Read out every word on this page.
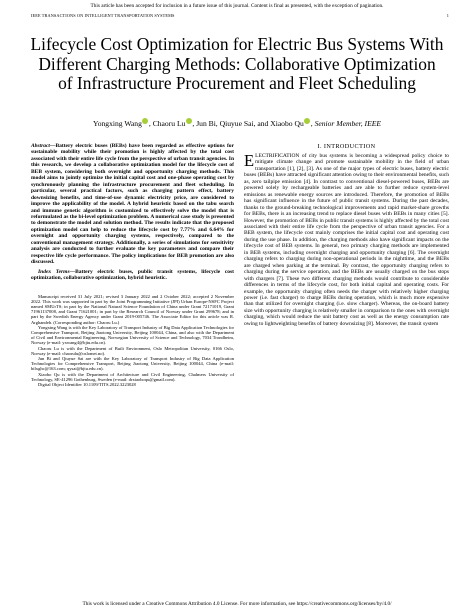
This article has been accepted for inclusion in a future issue of this journal. Content is final as presented, with the exception of pagination.
IEEE TRANSACTIONS ON INTELLIGENT TRANSPORTATION SYSTEMS	1
Lifecycle Cost Optimization for Electric Bus Systems With Different Charging Methods: Collaborative Optimization of Infrastructure Procurement and Fleet Scheduling
Yongxing Wang , Chaoru Lu , Jun Bi, Qiuyue Sai, and Xiaobo Qu , Senior Member, IEEE

Abstract—Battery electric buses (BEBs) have been regarded as effective options for sustainable mobility while their promotion is highly affected by the total cost associated with their entire life cycle from the perspective of urban transit agencies. In this research, we develop a collaborative optimization model for the lifecycle cost of BEB system, considering both overnight and opportunity charging methods. This model aims to jointly optimize the initial capital cost and one-phase operating cost by synchronously planning the infrastructure procurement and fleet scheduling. In particular, several practical factors, such as charging pattern effect, battery downsizing benefits, and time-of-use dynamic electricity price, are considered to improve the applicability of the model. A hybrid heuristic based on the tabu search and immune genetic algorithm is customized to effectively solve the model that is reformulated as the bi-level optimization problem. A numerical case study is presented to demonstrate the model and solution method. The results indicate that the proposed optimization model can help to reduce the lifecycle cost by 7.77% and 6.64% for overnight and opportunity charging systems, respectively, compared to the conventional management strategy. Additionally, a series of simulations for sensitivity analysis are conducted to further evaluate the key parameters and compare their respective life cycle performance. The policy implications for BEB promotion are also discussed.

Index Terms—Battery electric buses, public transit systems, lifecycle cost optimization, collaborative optimization, hybrid heuristic.

Manuscript received 31 July 2021; revised 3 January 2022 and 2 October 2022; accepted 2 November 2022. This work was supported in part by the Joint Programming Initiative (JPI) Urban Europe-NSFC Project named SMUrTS; in part by the National Natural Science Foundation of China under Grant 72171019, Grant 71961137008, and Grant 71621001; in part by the Research Council of Norway under Grant 299678; and in part by the Swedish Energy Agency under Grant 2019-005746. The Associate Editor for this article was R. Arghandeh. (Corresponding author: Chaoru Lu.)

Yongxing Wang is with the Key Laboratory of Transport Industry of Big Data Application Technologies for Comprehensive Transport, Beijing Jiaotong University, Beijing 100044, China, and also with the Department of Civil and Environmental Engineering, Norwegian University of Science and Technology, 7034 Trondheim, Norway (e-mail: yxwang4@bjtu.edu.cn).

Chaoru Lu is with the Department of Built Environment, Oslo Metropolitan University, 0166 Oslo, Norway (e-mail: chaorulu@oslomet.no).

Jun Bi and Qiuyue Sai are with the Key Laboratory of Transport Industry of Big Data Application Technologies for Comprehensive Transport, Beijing Jiaotong University, Beijing 100044, China (e-mail: bilxghc@163.com; qysai@bjtu.edu.cn).

Xiaobo Qu is with the Department of Architecture and Civil Engineering, Chalmers University of Technology, SE-41296 Gothenburg, Sweden (e-mail: drxiaoboqu@gmail.com).

Digital Object Identifier 10.1109/TITS.2022.3223028

I. INTRODUCTION

ELECTRIFICATION of city bus systems is becoming a widespread policy choice to mitigate climate change and promote sustainable mobility in the field of urban transportation [1], [2], [3]. As one of the major types of electric buses, battery electric buses (BEBs) have attracted significant attention owing to their environmental benefits, such as, zero tailpipe emission [4]. In contrast to conventional diesel-powered buses, BEBs are powered solely by rechargeable batteries and are able to further reduce system-level emissions as renewable energy sources are introduced. Therefore, the promotion of BEBs has significant influence in the future of public transit systems. During the past decades, thanks to the ground-breaking technological improvements and rapid market-share growths for BEBs, there is an increasing trend to replace diesel buses with BEBs in many cities [5]. However, the promotion of BEBs in public transit systems is highly affected by the total cost associated with their entire life cycle from the perspective of urban transit agencies. For a BEB system, the lifecycle cost mainly comprises the initial capital cost and operating cost during the use phase. In addition, the charging methods also have significant impacts on the lifecycle cost of BEB systems. In general, two primary charging methods are implemented in BEB systems, including overnight charging and opportunity charging [6]. The overnight charging refers to charging during non-operational periods in the nighttime, and the BEBs are charged when parking at the terminal. By contrast, the opportunity charging refers to charging during the service operation, and the BEBs are usually charged on the bus stops with chargers [7]. These two different charging methods would contribute to considerable differences in terms of the lifecycle cost, for both initial capital and operating costs. For example, the opportunity charging often needs the charger with relatively higher charging power (i.e. fast charger) to charge BEBs during operation, which is much more expensive than that utilized for overnight charging (i.e. slow charger). Whereas, the on-board battery size with opportunity charging is relatively smaller in comparison to the ones with overnight charging, which would reduce the unit battery cost as well as the energy consumption rate owing to lightweighting benefits of battery downsizing [8]. Moreover, the transit system

This work is licensed under a Creative Commons Attribution 4.0 License. For more information, see https://creativecommons.org/licenses/by/4.0/
